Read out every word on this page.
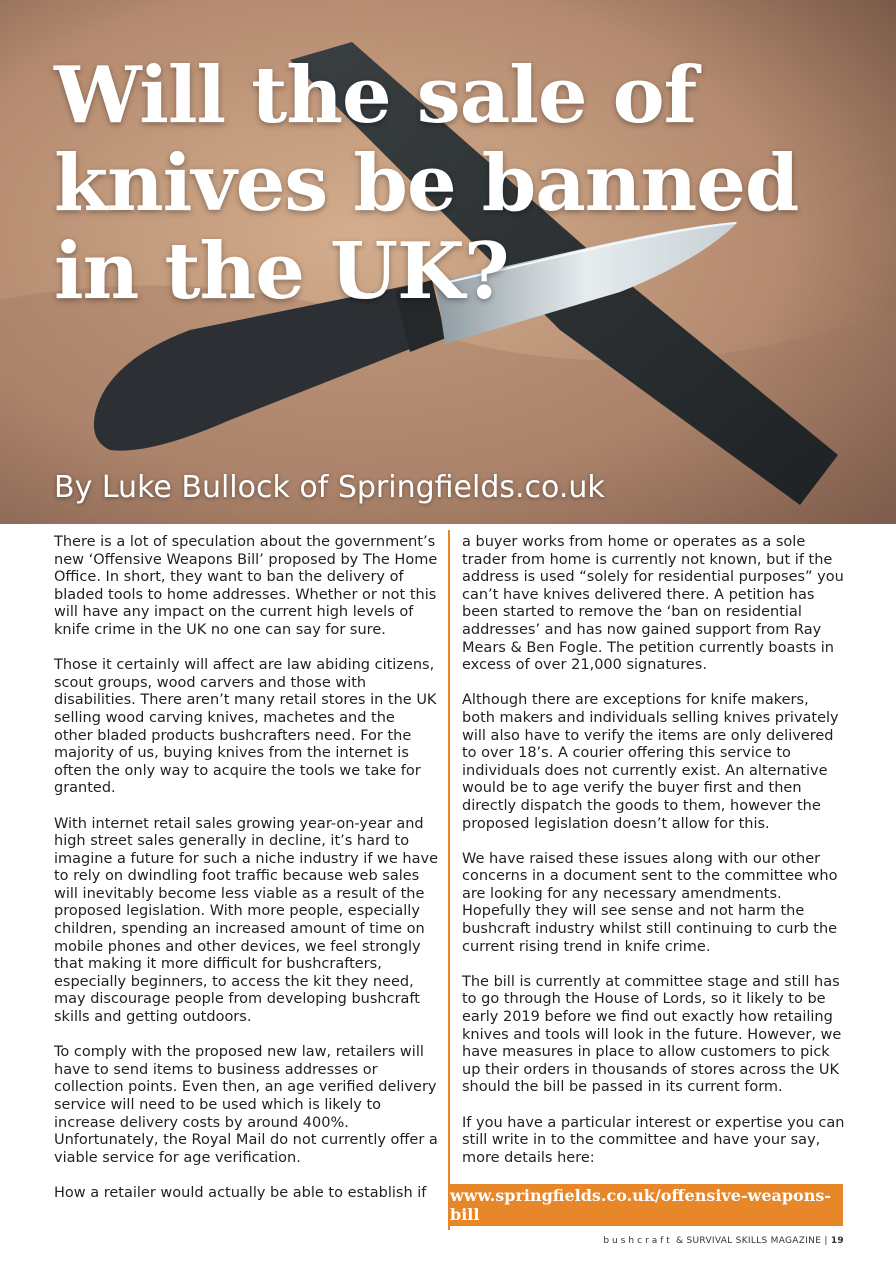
Will the sale of knives be banned in the UK?

By Luke Bullock of Springfields.co.uk

There is a lot of speculation about the government’s new ‘Offensive Weapons Bill’ proposed by The Home Office. In short, they want to ban the delivery of bladed tools to home addresses. Whether or not this will have any impact on the current high levels of knife crime in the UK no one can say for sure.

Those it certainly will affect are law abiding citizens, scout groups, wood carvers and those with disabilities. There aren’t many retail stores in the UK selling wood carving knives, machetes and the other bladed products bushcrafters need. For the majority of us, buying knives from the internet is often the only way to acquire the tools we take for granted.

With internet retail sales growing year-on-year and high street sales generally in decline, it’s hard to imagine a future for such a niche industry if we have to rely on dwindling foot traffic because web sales will inevitably become less viable as a result of the proposed legislation. With more people, especially children, spending an increased amount of time on mobile phones and other devices, we feel strongly that making it more difficult for bushcrafters, especially beginners, to access the kit they need, may discourage people from developing bushcraft skills and getting outdoors.

To comply with the proposed new law, retailers will have to send items to business addresses or collection points. Even then, an age verified delivery service will need to be used which is likely to increase delivery costs by around 400%. Unfortunately, the Royal Mail do not currently offer a viable service for age verification.

How a retailer would actually be able to establish if

a buyer works from home or operates as a sole trader from home is currently not known, but if the address is used “solely for residential purposes” you can’t have knives delivered there. A petition has been started to remove the ‘ban on residential addresses’ and has now gained support from Ray Mears & Ben Fogle. The petition currently boasts in excess of over 21,000 signatures.

Although there are exceptions for knife makers, both makers and individuals selling knives privately will also have to verify the items are only delivered to over 18’s. A courier offering this service to individuals does not currently exist. An alternative would be to age verify the buyer first and then directly dispatch the goods to them, however the proposed legislation doesn’t allow for this.

We have raised these issues along with our other concerns in a document sent to the committee who are looking for any necessary amendments. Hopefully they will see sense and not harm the bushcraft industry whilst still continuing to curb the current rising trend in knife crime.

The bill is currently at committee stage and still has to go through the House of Lords, so it likely to be early 2019 before we find out exactly how retailing knives and tools will look in the future. However, we have measures in place to allow customers to pick up their orders in thousands of stores across the UK should the bill be passed in its current form.

If you have a particular interest or expertise you can still write in to the committee and have your say, more details here:

www.springfields.co.uk/offensive-weapons-bill
bushcraft & SURVIVAL SKILLS MAGAZINE | 19
